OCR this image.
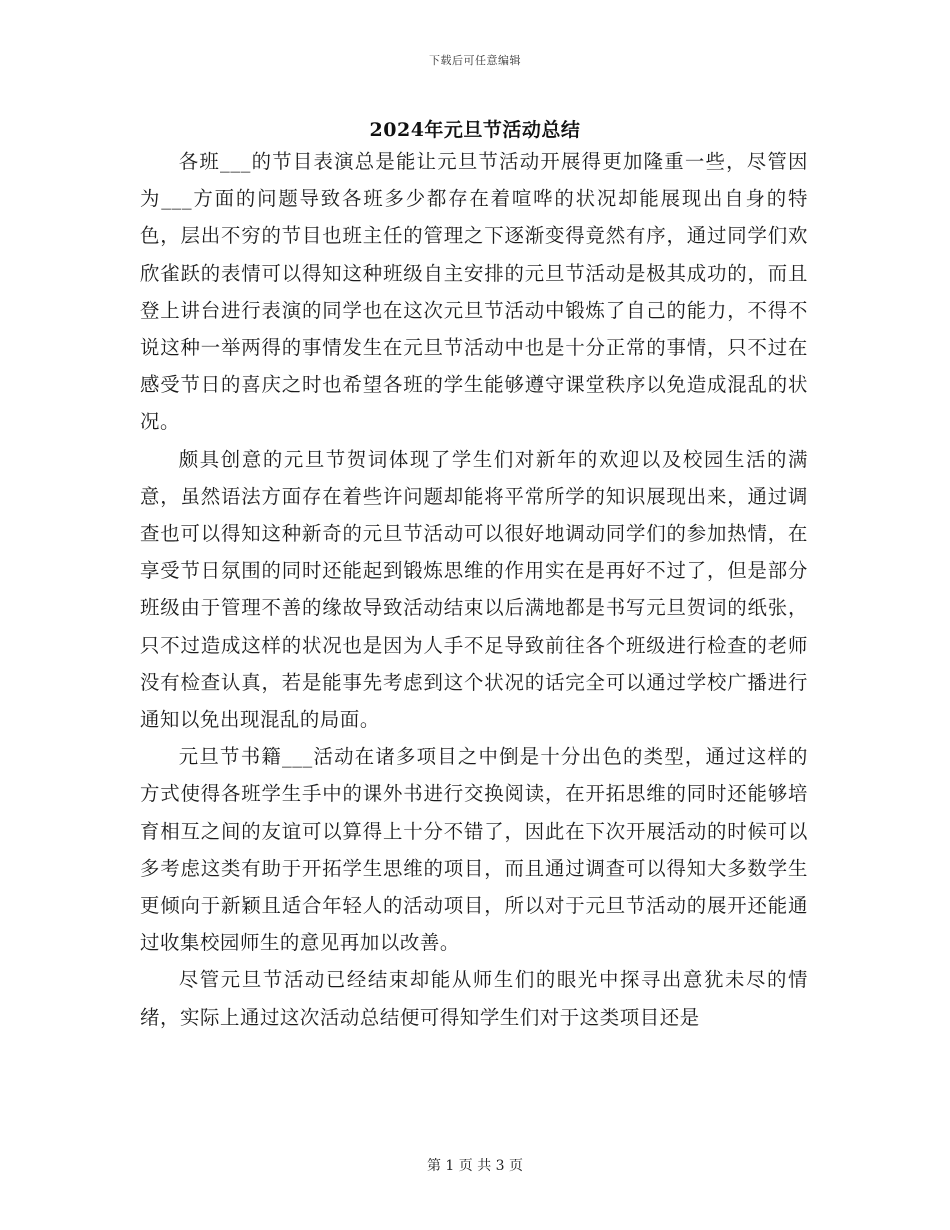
下载后可任意编辑
2024年元旦节活动总结

各班___的节目表演总是能让元旦节活动开展得更加隆重一些，尽管因为___方面的问题导致各班多少都存在着喧哗的状况却能展现出自身的特色，层出不穷的节目也班主任的管理之下逐渐变得竟然有序，通过同学们欢欣雀跃的表情可以得知这种班级自主安排的元旦节活动是极其成功的，而且登上讲台进行表演的同学也在这次元旦节活动中锻炼了自己的能力，不得不说这种一举两得的事情发生在元旦节活动中也是十分正常的事情，只不过在感受节日的喜庆之时也希望各班的学生能够遵守课堂秩序以免造成混乱的状况。

颇具创意的元旦节贺词体现了学生们对新年的欢迎以及校园生活的满意，虽然语法方面存在着些许问题却能将平常所学的知识展现出来，通过调查也可以得知这种新奇的元旦节活动可以很好地调动同学们的参加热情，在享受节日氛围的同时还能起到锻炼思维的作用实在是再好不过了，但是部分班级由于管理不善的缘故导致活动结束以后满地都是书写元旦贺词的纸张，只不过造成这样的状况也是因为人手不足导致前往各个班级进行检查的老师没有检查认真，若是能事先考虑到这个状况的话完全可以通过学校广播进行通知以免出现混乱的局面。

元旦节书籍___活动在诸多项目之中倒是十分出色的类型，通过这样的方式使得各班学生手中的课外书进行交换阅读，在开拓思维的同时还能够培育相互之间的友谊可以算得上十分不错了，因此在下次开展活动的时候可以多考虑这类有助于开拓学生思维的项目，而且通过调查可以得知大多数学生更倾向于新颖且适合年轻人的活动项目，所以对于元旦节活动的展开还能通过收集校园师生的意见再加以改善。

尽管元旦节活动已经结束却能从师生们的眼光中探寻出意犹未尽的情绪，实际上通过这次活动总结便可得知学生们对于这类项目还是

第 1 页 共 3 页
